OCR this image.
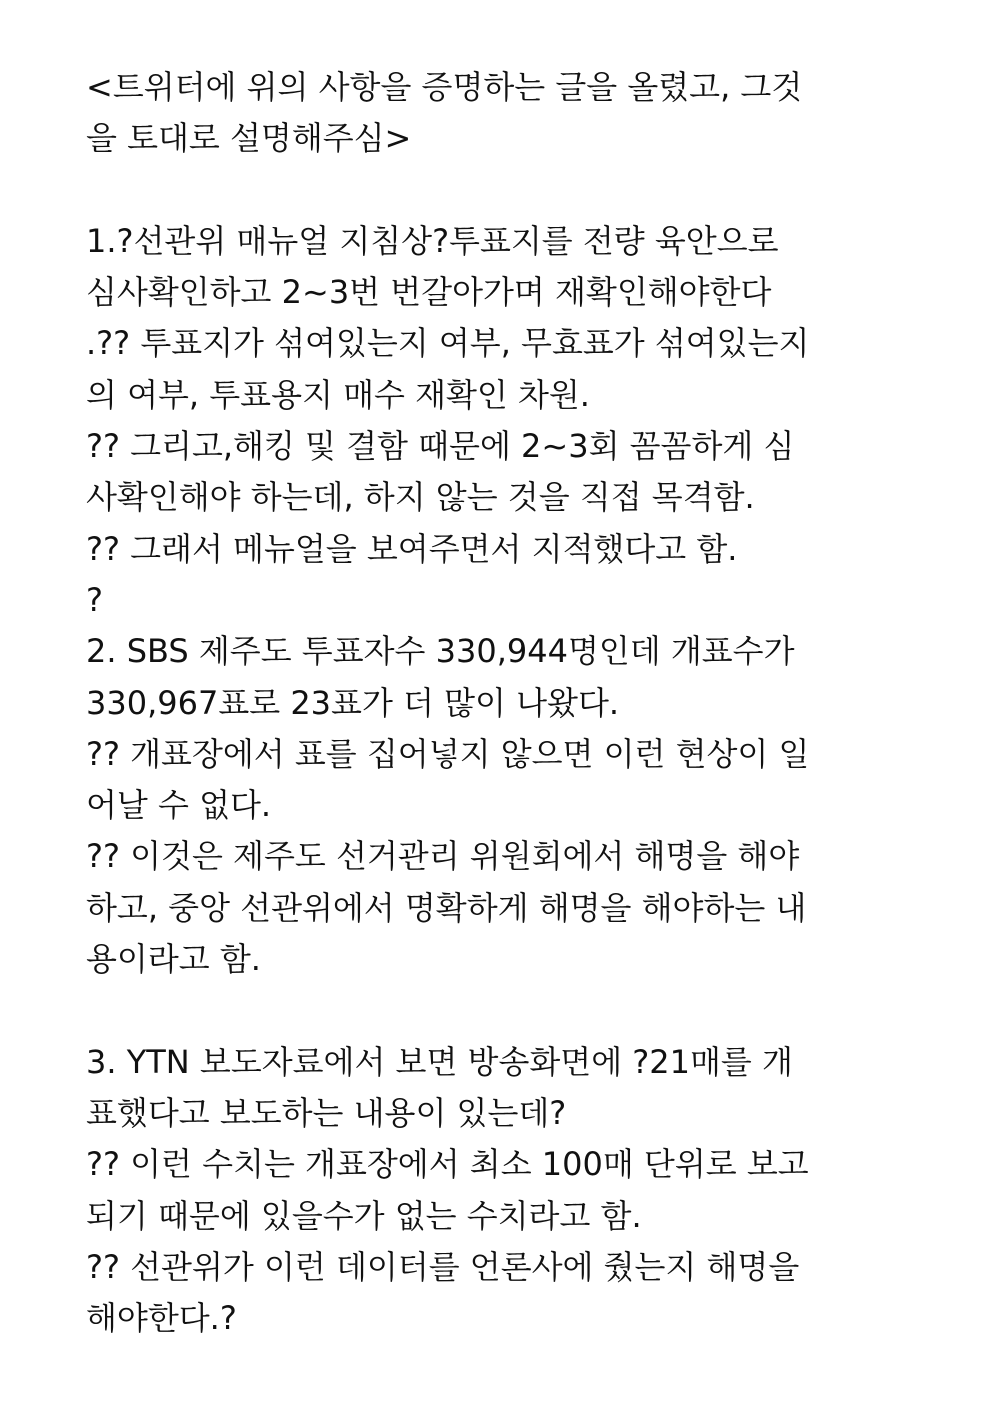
<트위터에 위의 사항을 증명하는 글을 올렸고, 그것
을 토대로 설명해주심>
1.?선관위 매뉴얼 지침상?투표지를 전량 육안으로
심사확인하고 2~3번 번갈아가며 재확인해야한다
.?? 투표지가 섞여있는지 여부, 무효표가 섞여있는지
의 여부, 투표용지 매수 재확인 차원.
?? 그리고,해킹 및 결함 때문에 2~3회 꼼꼼하게 심
사확인해야 하는데, 하지 않는 것을 직접 목격함.
?? 그래서 메뉴얼을 보여주면서 지적했다고 함.
?
2. SBS 제주도 투표자수 330,944명인데 개표수가
330,967표로 23표가 더 많이 나왔다.
?? 개표장에서 표를 집어넣지 않으면 이런 현상이 일
어날 수 없다.
?? 이것은 제주도 선거관리 위원회에서 해명을 해야
하고, 중앙 선관위에서 명확하게 해명을 해야하는 내
용이라고 함.
3. YTN 보도자료에서 보면 방송화면에 ?21매를 개
표했다고 보도하는 내용이 있는데?
?? 이런 수치는 개표장에서 최소 100매 단위로 보고
되기 때문에 있을수가 없는 수치라고 함.
?? 선관위가 이런 데이터를 언론사에 줬는지 해명을
해야한다.?
